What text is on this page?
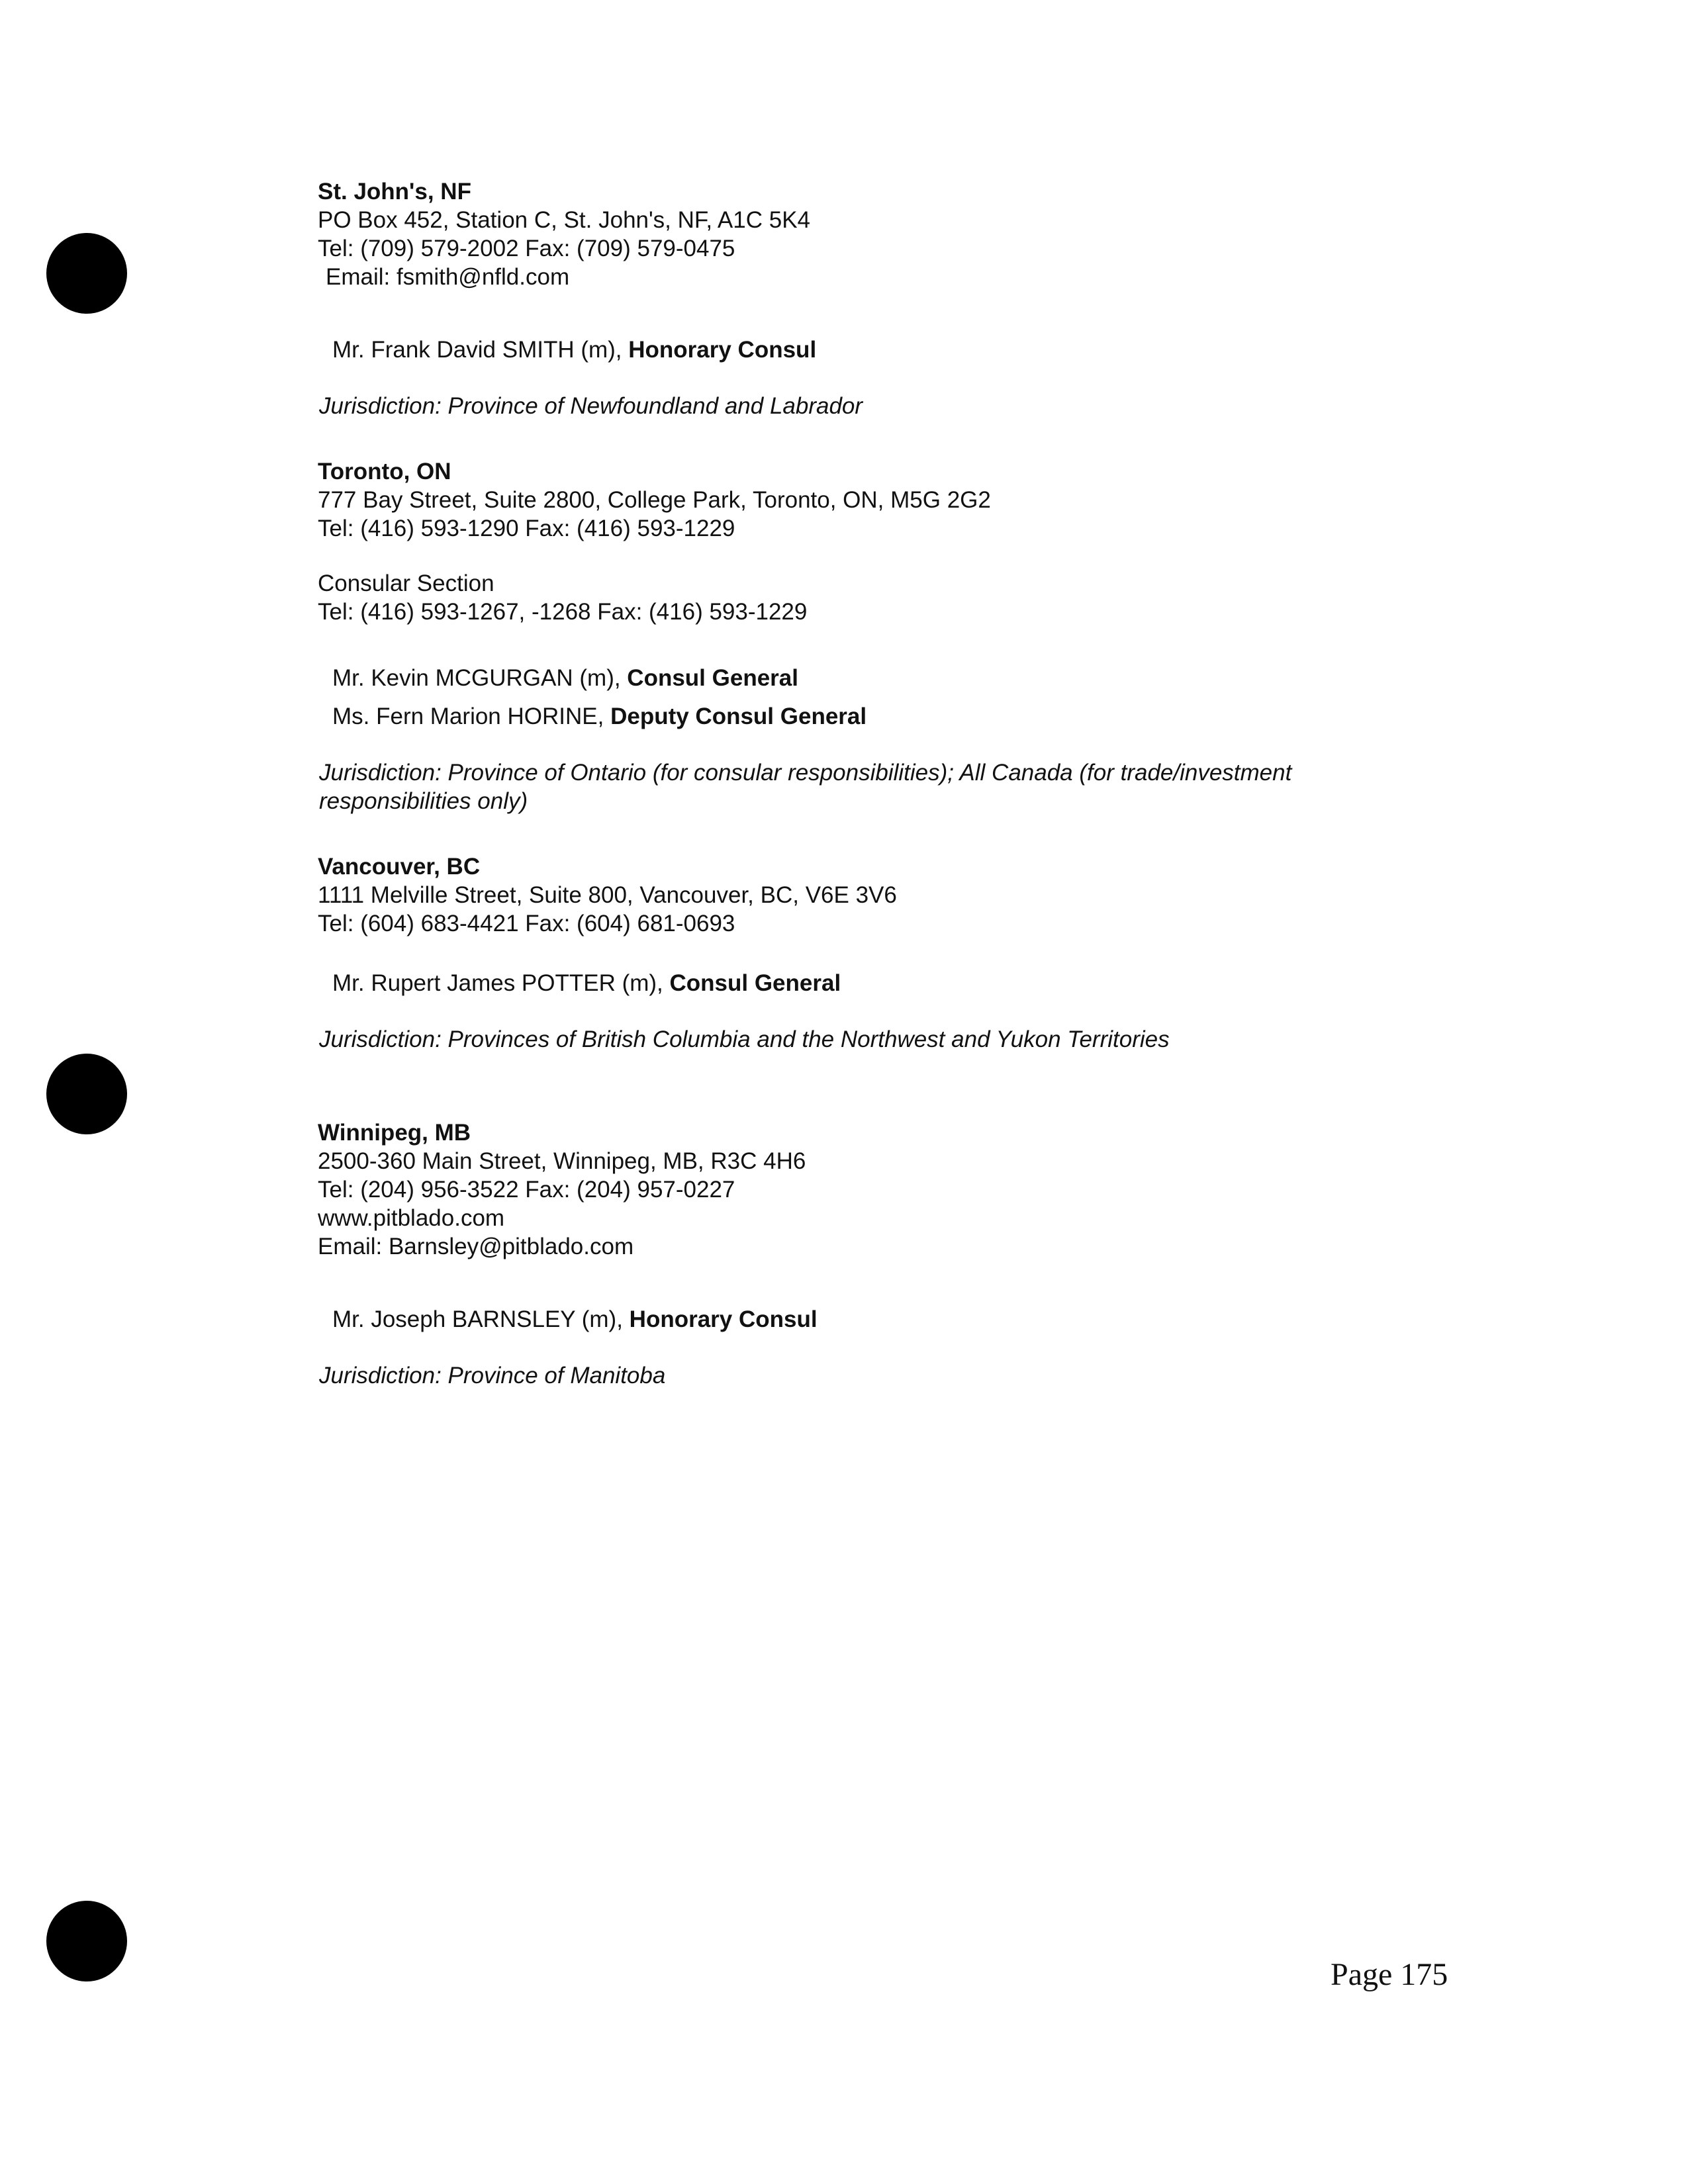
St. John's, NF
PO Box 452, Station C, St. John's, NF, A1C 5K4
Tel: (709) 579-2002 Fax: (709) 579-0475
Email: fsmith@nfld.com
Mr. Frank David SMITH (m), Honorary Consul

Jurisdiction: Province of Newfoundland and Labrador

Toronto, ON
777 Bay Street, Suite 2800, College Park, Toronto, ON, M5G 2G2
Tel: (416) 593-1290 Fax: (416) 593-1229
Consular Section
Tel: (416) 593-1267, -1268 Fax: (416) 593-1229
Mr. Kevin MCGURGAN (m), Consul General
Ms. Fern Marion HORINE, Deputy Consul General
Jurisdiction: Province of Ontario (for consular responsibilities); All Canada (for trade/investment
responsibilities only)
Vancouver, BC
1111 Melville Street, Suite 800, Vancouver, BC, V6E 3V6
Tel: (604) 683-4421 Fax: (604) 681-0693
Mr. Rupert James POTTER (m), Consul General

Jurisdiction: Provinces of British Columbia and the Northwest and Yukon Territories

Winnipeg, MB
2500-360 Main Street, Winnipeg, MB, R3C 4H6
Tel: (204) 956-3522 Fax: (204) 957-0227
www.pitblado.com
Email: Barnsley@pitblado.com
Mr. Joseph BARNSLEY (m), Honorary Consul

Jurisdiction: Province of Manitoba

Page 175
